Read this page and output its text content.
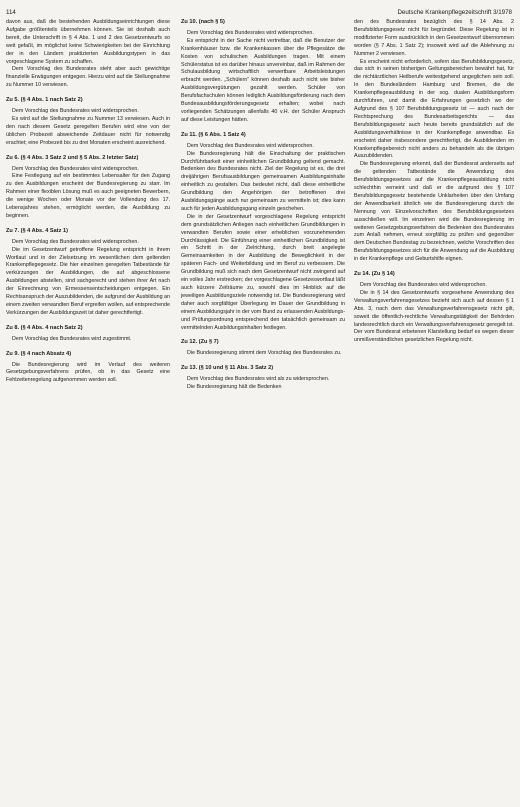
114	Deutsche Krankenpflegezeitschrift 3/1978

davon aus, daß die bestehenden Ausbildungseinrichtungen diese Aufgabe größtenteils übernehmen können. Sie ist deshalb auch bereit, die Unterschrift in § 4 Abs. 1 und 2 des Gesetzentwurfs so weit gefaßt, im möglichst keine Schwierigkeiten bei der Einrichtung der in den Ländern praktizierten Ausbildungstypen in das vorgeschlagene System zu schaffen.

Dem Vorschlag des Bundesrates steht aber auch gewichtige finanzielle Erwägungen entgegen. Hierzu wird auf die Stellungnahme zu Nummer 10 verwiesen.

Zu 5. (§ 4 Abs. 1 nach Satz 2)

Dem Vorschlag des Bundesrates wird widersprochen.

Es wird auf die Stellungnahme zu Nummer 13 verwiesen. Auch in den nach diesem Gesetz geregelten Berufen wird eine von der üblichen Probezeit abweichende Zeitdauer nicht für notwendig erachtet; eine Probezeit bis zu drei Monaten erscheint ausreichend.

Zu 6. (§ 4 Abs. 3 Satz 2 und § 5 Abs. 2 letzter Satz)

Dem Vorschlag des Bundesrates wird widersprochen.

Eine Festlegung auf ein bestimmtes Lebensalter für den Zugang zu den Ausbildungen erscheint der Bundesregierung zu starr. Im Rahmen einer flexiblen Lösung muß es auch geeigneten Bewerbern, die wenige Wochen oder Monate vor der Vollendung des 17. Lebensjahres stehen, ermöglicht werden, die Ausbildung zu beginnen.

Zu 7. (§ 4 Abs. 4 Satz 1)

Dem Vorschlag des Bundesrates wird widersprochen.

Die im Gesetzentwurf getroffene Regelung entspricht in ihrem Wortlaut und in der Zielsetzung im wesentlichen dem geltenden Krankenpflegegesetz. Die hier einzelnen geregelten Tatbestände für verkürzungen der Ausbildungen, die auf abgeschlossene Ausbildungen abstellen, sind sachgerecht und stehen ihrer Art nach der Einrechnung von Ermessensentscheidungen entgegen. Ein Rechtsanspruch der Auszubildenden, die aufgrund der Ausbildung an einem zweiten verwandten Beruf ergreifen wollen, auf entsprechende Verkürzungen der Ausbildungszeit ist daher gerechtfertigt.

Zu 8. (§ 4 Abs. 4 nach Satz 2)

Dem Vorschlag des Bundesrates wird zugestimmt.

Zu 9. (§ 4 nach Absatz 4)

Die Bundesregierung wird im Verlauf des weiteren Gesetzgebungsverfahrens prüfen, ob in das Gesetz eine Fehlzeitenregelung aufgenommen werden soll.

Zu 10. (nach § 5)

Dem Vorschlag des Bundesrates wird widersprochen.

Es entspricht in der Sache nicht vertretbar, daß die Benutzer der Krankenhäuser bzw. die Krankenkassen über die Pflegesätze die Kosten von schulischen Ausbildungen tragen. Mit einem Schülerstatus ist es darüber hinaus unvereinbar, daß im Rahmen der Schulausbildung wirtschaftlich verwertbare Arbeitsleistungen erbracht werden. „Schülern“ können deshalb auch nicht wie bisher Ausbildungsvergütungen gezahlt werden. Schüler von Berufsfachschulen können lediglich Ausbildungsförderung nach dem Bundesausbildungsförderungsgesetz erhalten; wobei nach vorliegenden Schätzungen allenfalls 40 v.H. der Schüler Anspruch auf diese Leistungen hätten.

Zu 11. (§ 6 Abs. 1 Satz 4)

Dem Vorschlag des Bundesrates wird widersprochen.

Die Bundesregierung hält die Einschaltung der praktischen Durchführbarkeit einer einheitlichen Grundbildung geltend gemacht. Bedenken des Bundesrates nicht. Ziel der Regelung ist es, die drei dreijährigen Berufsausbildungen gemeinsamen Ausbildungsinhalte einheitlich zu gestalten. Das bedeutet nicht, daß diese einheitliche Grundbildung den Angehörigen der betroffenen drei Ausbildungsgänge auch nur gemeinsam zu vermitteln ist; dies kann auch für jeden Ausbildungsgang einzeln geschehen.

Die in der Gesetzentwurf vorgeschlagene Regelung entspricht dem grundsätzlichen Anliegen nach einheitlichen Grundbildungen in verwandten Berufen sowie einer erheblichen vorzunehmenden Durchlässigkeit. Die Einführung einer einheitlichen Grundbildung ist ein Schritt in der Zielrichtung, durch breit angelegte Gemeinsamkeiten in der Ausbildung die Beweglichkeit in der späteren Fach- und Weiterbildung und im Beruf zu verbessern. Die Grundbildung muß sich nach dem Gesetzentwurf nicht zwingend auf ein volles Jahr erstrecken; der vorgeschlagene Gesetzeswortlaut läßt auch kürzere Zeiträume zu, sowohl dies im Hinblick auf die jeweiligen Ausbildungsziele notwendig ist. Die Bundesregierung wird daher auch sorgfältiger Überlegung im Dauer der Grundbildung in einem Ausbildungsjahr in der vom Bund zu erlassenden Ausbildungs- und Prüfungsordnung entsprechend den tatsächlich gemeinsam zu vermittelnden Ausbildungsinhalten festlegen.

Zu 12. (Zu § 7)

Die Bundesregierung stimmt dem Vorschlag des Bundesrates zu.

Zu 13. (§ 10 und § 11 Abs. 3 Satz 2)

Dem Vorschlag des Bundesrates wird als zu widersprochen.

Die Bundesregierung hält die Bedenken

den des Bundesrates bezüglich des § 14 Abs. 2 Berufsbildungsgesetz nicht für begründet. Diese Regelung ist in modifizierter Form ausdrücklich in den Gesetzentwurf übernommen worden (§ 7 Abs. 1 Satz 2); insoweit wird auf die Ablehnung zu Nummer 2 verwiesen.

Es erscheint nicht erforderlich, sofern das Berufsbildungsgesetz, das sich in seinen bisherigen Geltungsbereichen bewährt hat, für die nichtärztlichen Heilberufe weitestgehend angeglichen sein soll. In den Bundesländern Hamburg und Bremen, die die Krankenpflegeausbildung in der sog. dualen Ausbildungsform durchführen, und damit die Erfahrungen gesetzlich wo der Aufgrund des § 107 Berufsbildungsgesetz ist — auch nach der Rechtsprechung des Bundesarbeitsgerichts — das Berufsbildungsgesetz auch heute bereits grundsätzlich auf die Ausbildungsverhältnisse in der Krankenpflege anwendbar. Es erscheint daher insbesondere gerechtfertigt, die Ausbildenden im Krankenpflegebereich nicht anders zu behandeln als die übrigen Auszubildenden.

Die Bundesregierung erkennt, daß der Bundesrat anderseits auf die geltenden Tatbestände die Anwendung des Berufsbildungsgesetzes auf die Krankenpflegeausbildung nicht schlechthin verneint und daß er die aufgrund des § 107 Berufsbildungsgesetz bestehende Unklarheiten über den Umfang der Anwendbarkeit ähnlich wie die Bundesregierung durch die Nennung von Einzelvorschriften des Berufsbildungsgesetzes ausschließen will. Im einzelnen wird die Bundesregierung im weiteren Gesetzgebungsverfahren die Bedenken des Bundesrates zum Anlaß nehmen, erneut sorgfältig zu prüfen und gegenüber dem Deutschen Bundestag zu bezeichnen, welche Vorschriften des Berufsbildungsgesetzes sich für die Anwendung auf die Ausbildung in der Krankenpflege und Geburtshilfe eignen.

Zu 14. (Zu § 14)

Dem Vorschlag des Bundesrates wird widersprochen.

Die in § 14 des Gesetzentwurfs vorgesehene Anwendung des Verwaltungsverfahrensgesetzes bezieht sich auch auf dessen § 1 Abs. 3, nach dem das Verwaltungsverfahrensgesetz nicht gilt, soweit die öffentlich-rechtliche Verwaltungstätigkeit der Behörden landesrechtlich durch ein Verwaltungsverfahrensgesetz geregelt ist. Der vom Bundesrat erbetenen Klarstellung bedarf es wegen dieser unmißverständlichen gesetzlichen Regelung nicht.
